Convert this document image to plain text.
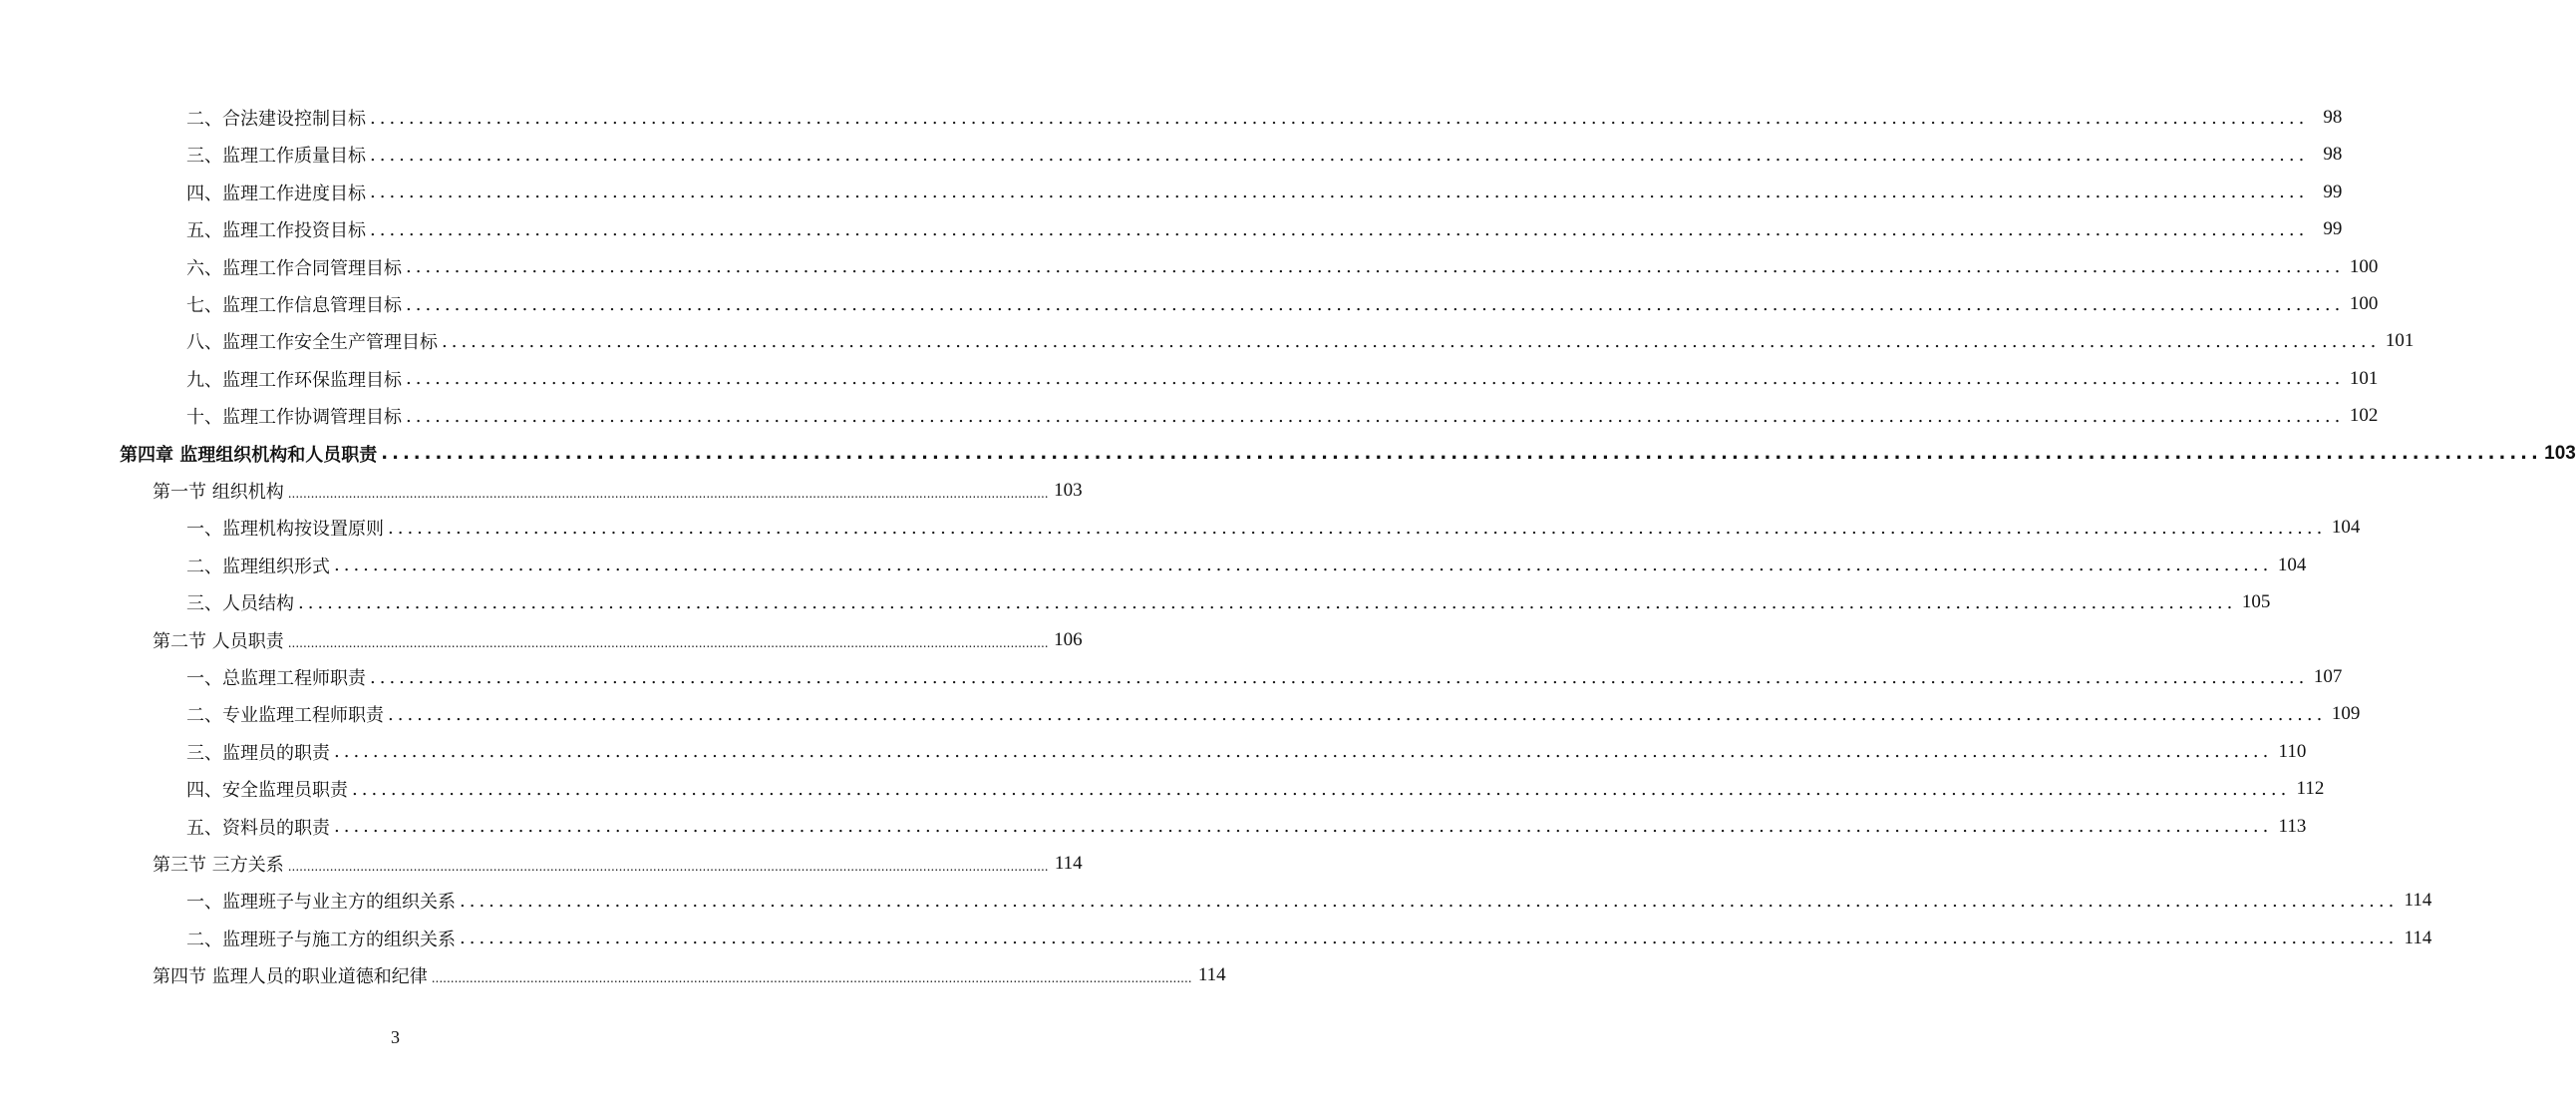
二、合法建设控制目标 ........................................................................................................................................................................................................ 98
三、监理工作质量目标 ........................................................................................................................................................................................................ 98
四、监理工作进度目标 ........................................................................................................................................................................................................ 99
五、监理工作投资目标 ........................................................................................................................................................................................................ 99
六、监理工作合同管理目标 ........................................................................................................................................................................................................ 100
七、监理工作信息管理目标 ........................................................................................................................................................................................................ 100
八、监理工作安全生产管理目标 ........................................................................................................................................................................................................ 101
九、监理工作环保监理目标 ........................................................................................................................................................................................................ 101
十、监理工作协调管理目标 ........................................................................................................................................................................................................ 102
第四章 监理组织机构和人员职责 ........................................................................................................................................................................................................ 103
第一节 组织机构 ........................................................................................................................................................................................................ 103
一、监理机构按设置原则 ........................................................................................................................................................................................................ 104
二、监理组织形式 ........................................................................................................................................................................................................ 104
三、人员结构 ........................................................................................................................................................................................................ 105
第二节 人员职责 ........................................................................................................................................................................................................ 106
一、总监理工程师职责 ........................................................................................................................................................................................................ 107
二、专业监理工程师职责 ........................................................................................................................................................................................................ 109
三、监理员的职责 ........................................................................................................................................................................................................ 110
四、安全监理员职责 ........................................................................................................................................................................................................ 112
五、资料员的职责 ........................................................................................................................................................................................................ 113
第三节 三方关系 ........................................................................................................................................................................................................ 114
一、监理班子与业主方的组织关系 ........................................................................................................................................................................................................ 114
二、监理班子与施工方的组织关系 ........................................................................................................................................................................................................ 114
第四节 监理人员的职业道德和纪律 ........................................................................................................................................................................................................ 114
3
